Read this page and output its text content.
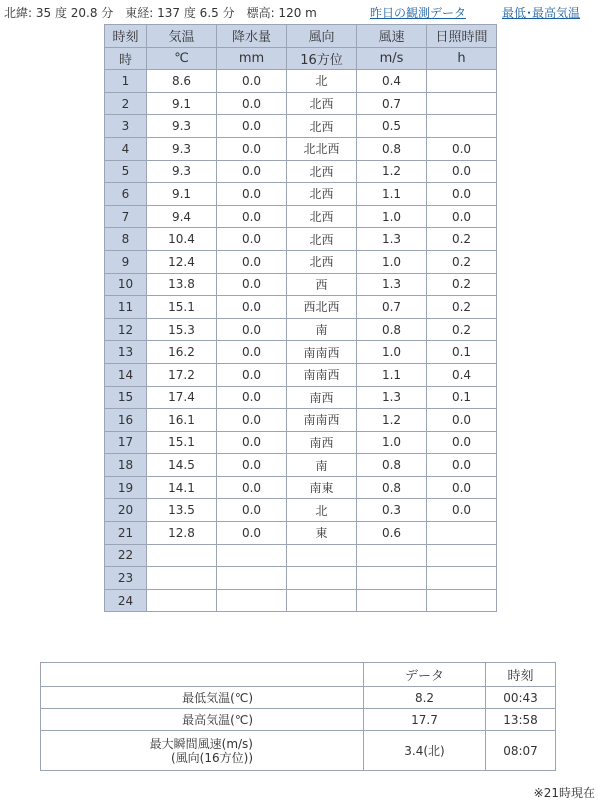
北緯: 35 度 20.8 分　東経: 137 度 6.5 分　標高: 120 m	昨日の観測データ	最低･最高気温
時刻	気温	降水量	風向	風速	日照時間
時	℃	mm	16方位	m/s	h
1	8.6	0.0	北	0.4	
2	9.1	0.0	北西	0.7	
3	9.3	0.0	北西	0.5	
4	9.3	0.0	北北西	0.8	0.0
5	9.3	0.0	北西	1.2	0.0
6	9.1	0.0	北西	1.1	0.0
7	9.4	0.0	北西	1.0	0.0
8	10.4	0.0	北西	1.3	0.2
9	12.4	0.0	北西	1.0	0.2
10	13.8	0.0	西	1.3	0.2
11	15.1	0.0	西北西	0.7	0.2
12	15.3	0.0	南	0.8	0.2
13	16.2	0.0	南南西	1.0	0.1
14	17.2	0.0	南南西	1.1	0.4
15	17.4	0.0	南西	1.3	0.1
16	16.1	0.0	南南西	1.2	0.0
17	15.1	0.0	南西	1.0	0.0
18	14.5	0.0	南	0.8	0.0
19	14.1	0.0	南東	0.8	0.0
20	13.5	0.0	北	0.3	0.0
21	12.8	0.0	東	0.6	
22					
23					
24					
	データ	時刻
最低気温(℃)	8.2	00:43
最高気温(℃)	17.7	13:58
最大瞬間風速(m/s)
(風向(16方位))	3.4(北)	08:07
※21時現在
